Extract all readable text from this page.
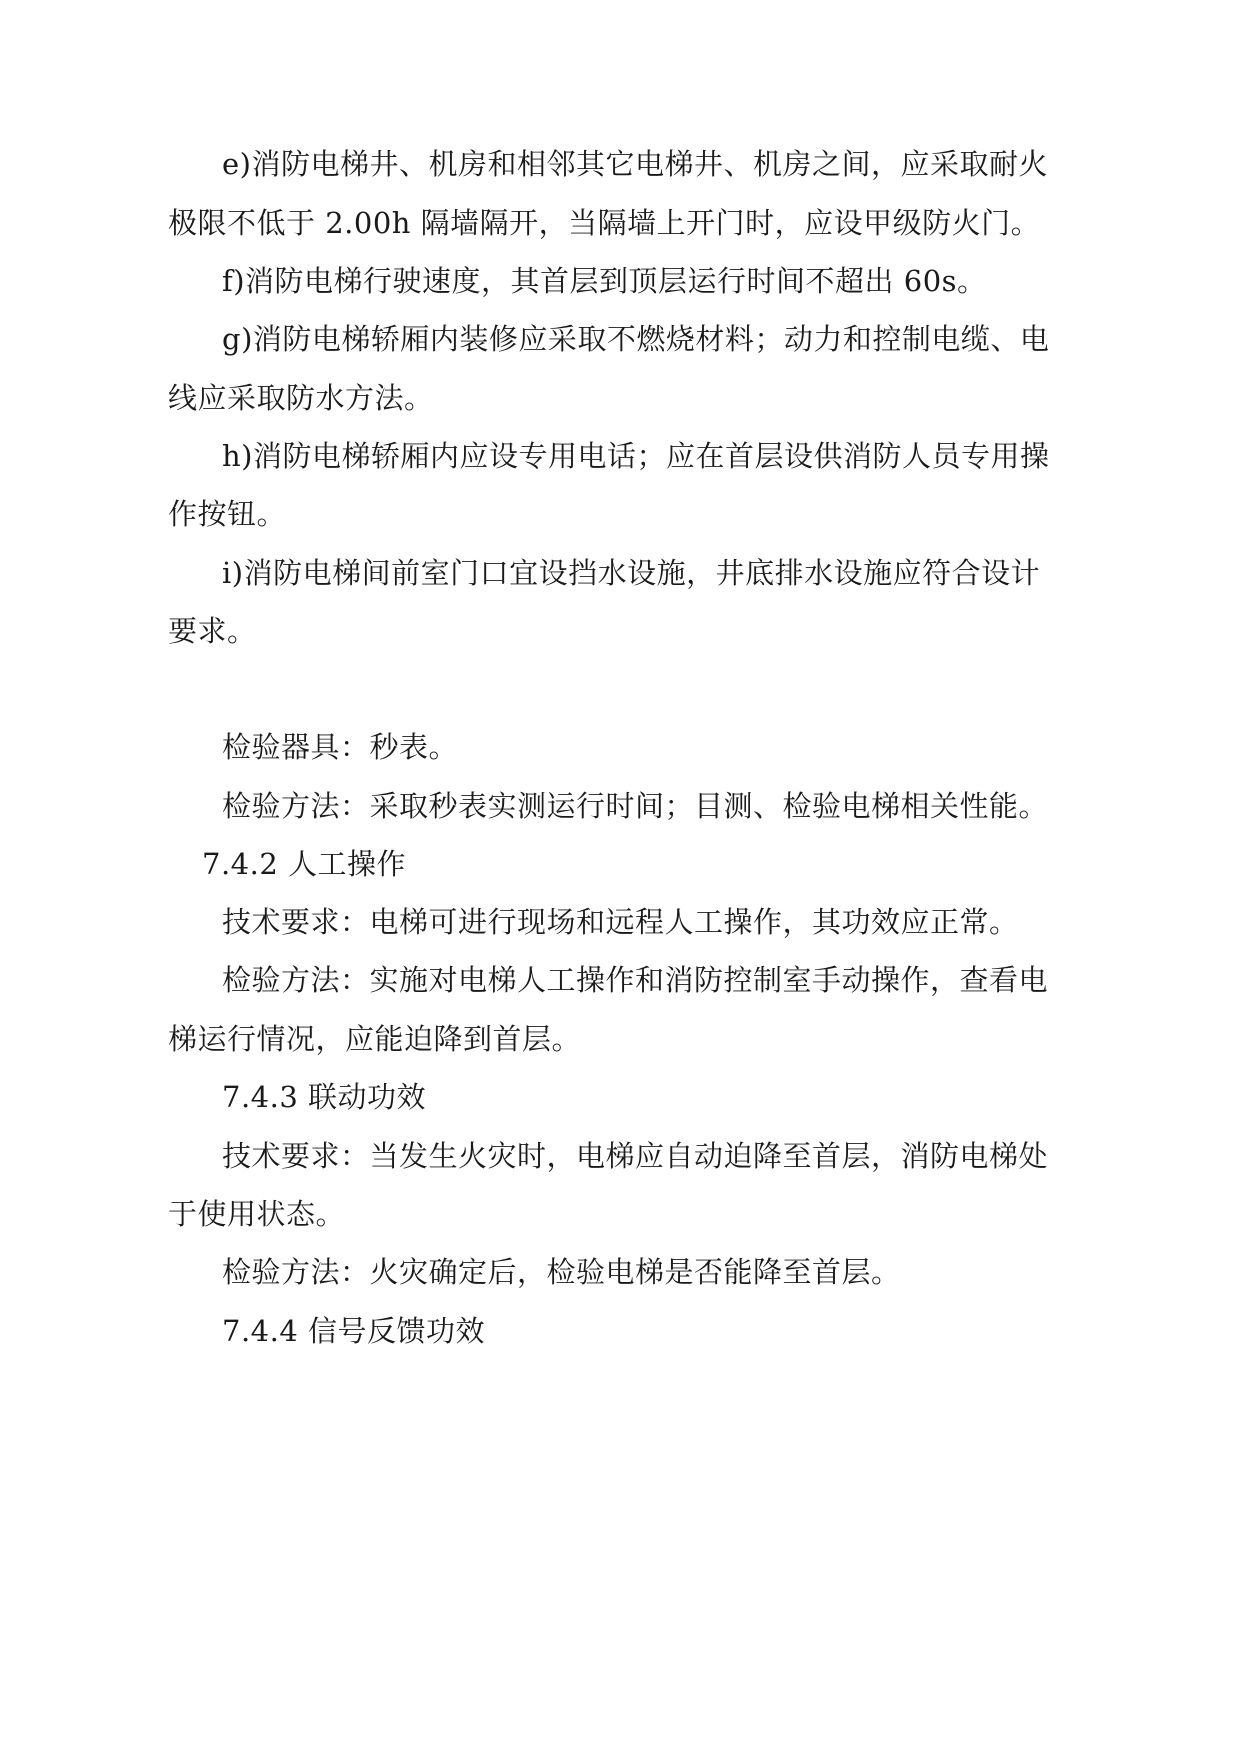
e)消防电梯井、机房和相邻其它电梯井、机房之间，应采取耐火

极限不低于 2.00h 隔墙隔开，当隔墙上开门时，应设甲级防火门。

f)消防电梯行驶速度，其首层到顶层运行时间不超出 60s。

g)消防电梯轿厢内装修应采取不燃烧材料；动力和控制电缆、电

线应采取防水方法。

h)消防电梯轿厢内应设专用电话；应在首层设供消防人员专用操

作按钮。

i)消防电梯间前室门口宜设挡水设施，井底排水设施应符合设计

要求。

检验器具：秒表。

检验方法：采取秒表实测运行时间；目测、检验电梯相关性能。

7.4.2 人工操作

技术要求：电梯可进行现场和远程人工操作，其功效应正常。

检验方法：实施对电梯人工操作和消防控制室手动操作，查看电

梯运行情况，应能迫降到首层。

7.4.3 联动功效

技术要求：当发生火灾时，电梯应自动迫降至首层，消防电梯处

于使用状态。

检验方法：火灾确定后，检验电梯是否能降至首层。

7.4.4 信号反馈功效
